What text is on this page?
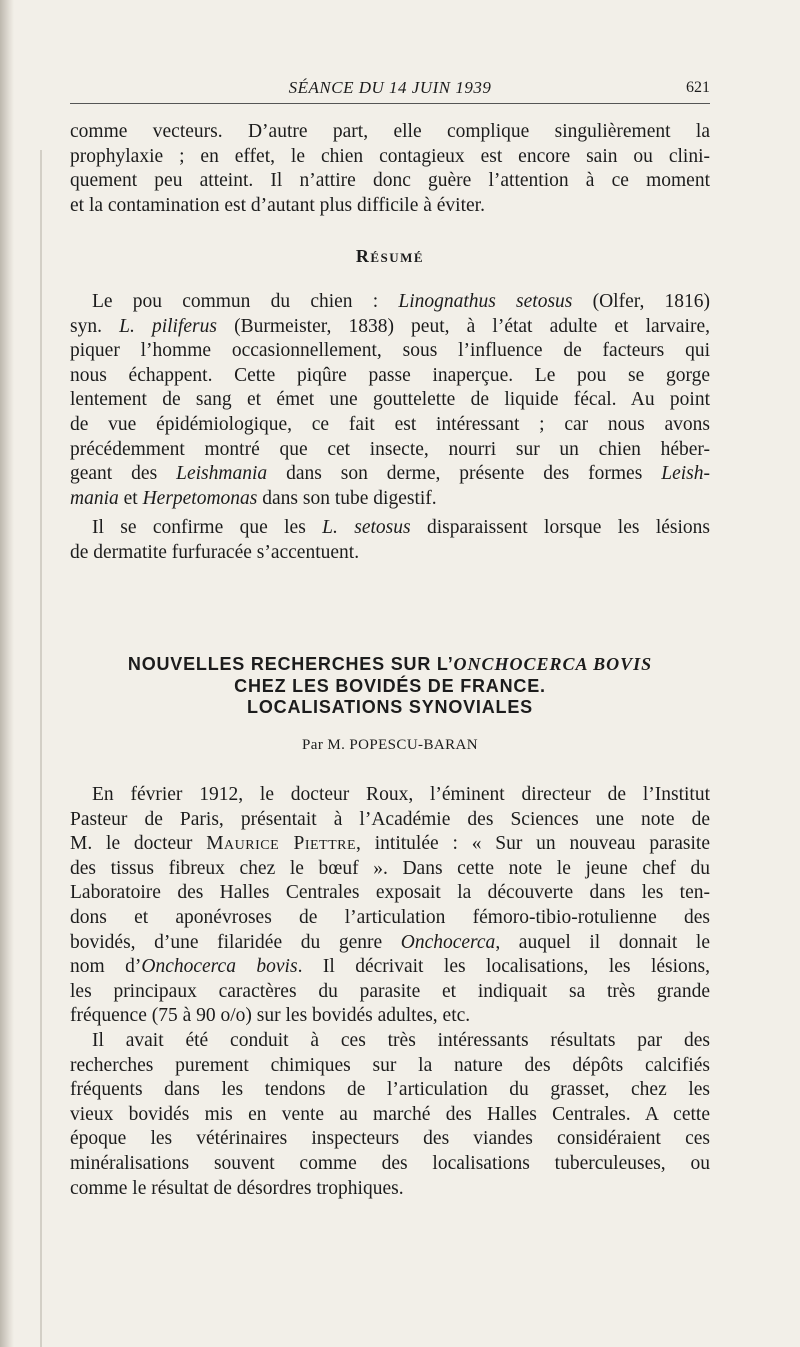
SÉANCE DU 14 JUIN 1939	621
comme vecteurs. D’autre part, elle complique singulièrement la
prophylaxie ; en effet, le chien contagieux est encore sain ou clini-
quement peu atteint. Il n’attire donc guère l’attention à ce moment
et la contamination est d’autant plus difficile à éviter.
Résumé
Le pou commun du chien : Linognathus setosus (Olfer, 1816)
syn. L. piliferus (Burmeister, 1838) peut, à l’état adulte et larvaire,
piquer l’homme occasionnellement, sous l’influence de facteurs qui
nous échappent. Cette piqûre passe inaperçue. Le pou se gorge
lentement de sang et émet une gouttelette de liquide fécal. Au point
de vue épidémiologique, ce fait est intéressant ; car nous avons
précédemment montré que cet insecte, nourri sur un chien héber-
geant des Leishmania dans son derme, présente des formes Leish-
mania et Herpetomonas dans son tube digestif.
Il se confirme que les L. setosus disparaissent lorsque les lésions
de dermatite furfuracée s’accentuent.
NOUVELLES RECHERCHES SUR L’ONCHOCERCA BOVIS
CHEZ LES BOVIDÉS DE FRANCE.
LOCALISATIONS SYNOVIALES

Par M. POPESCU-BARAN

En février 1912, le docteur Roux, l’éminent directeur de l’Institut
Pasteur de Paris, présentait à l’Académie des Sciences une note de
M. le docteur Maurice Piettre, intitulée : « Sur un nouveau parasite
des tissus fibreux chez le bœuf ». Dans cette note le jeune chef du
Laboratoire des Halles Centrales exposait la découverte dans les ten-
dons et aponévroses de l’articulation fémoro-tibio-rotulienne des
bovidés, d’une filaridée du genre Onchocerca, auquel il donnait le
nom d’Onchocerca bovis. Il décrivait les localisations, les lésions,
les principaux caractères du parasite et indiquait sa très grande
fréquence (75 à 90 o/o) sur les bovidés adultes, etc.
Il avait été conduit à ces très intéressants résultats par des
recherches purement chimiques sur la nature des dépôts calcifiés
fréquents dans les tendons de l’articulation du grasset, chez les
vieux bovidés mis en vente au marché des Halles Centrales. A cette
époque les vétérinaires inspecteurs des viandes considéraient ces
minéralisations souvent comme des localisations tuberculeuses, ou
comme le résultat de désordres trophiques.
